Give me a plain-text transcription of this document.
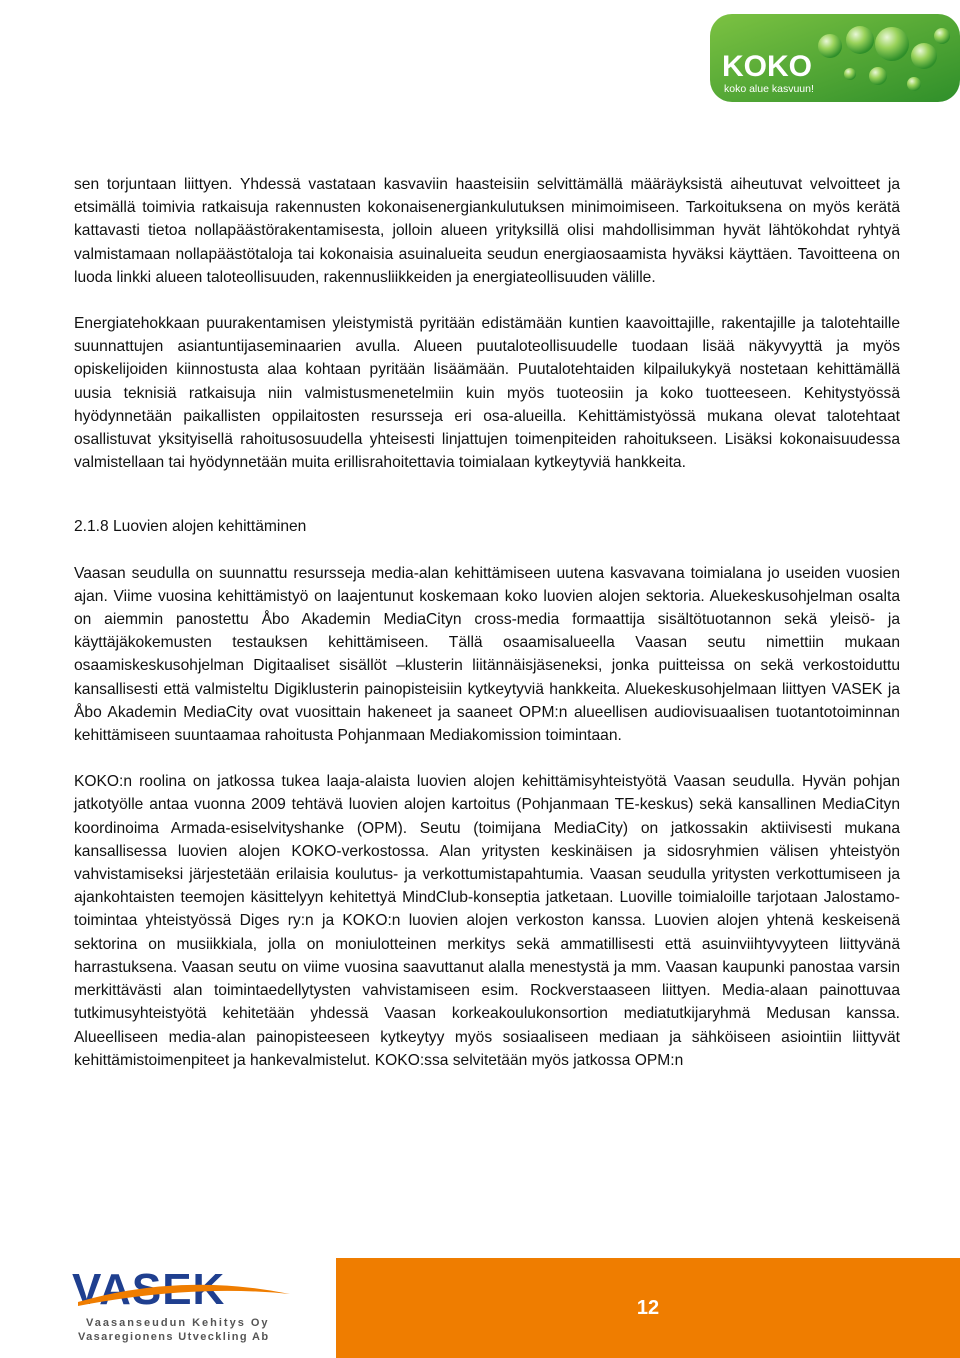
KOKO
koko alue kasvuun!

sen torjuntaan liittyen. Yhdessä vastataan kasvaviin haasteisiin selvittämällä määräyksistä aiheutuvat velvoitteet ja etsimällä toimivia ratkaisuja rakennusten kokonaisenergiankulutuksen minimoimiseen. Tarkoituksena on myös kerätä kattavasti tietoa nollapäästörakentamisesta, jolloin alueen yrityksillä olisi mahdollisimman hyvät lähtökohdat ryhtyä valmistamaan nollapäästötaloja tai kokonaisia asuinalueita seudun energiaosaamista hyväksi käyttäen. Tavoitteena on luoda linkki alueen taloteollisuuden, rakennusliikkeiden ja energiateollisuuden välille.

Energiatehokkaan puurakentamisen yleistymistä pyritään edistämään kuntien kaavoittajille, rakentajille ja talotehtaille suunnattujen asiantuntijaseminaarien avulla. Alueen puutaloteollisuudelle tuodaan lisää näkyvyyttä ja myös opiskelijoiden kiinnostusta alaa kohtaan pyritään lisäämään. Puutalotehtaiden kilpailukykyä nostetaan kehittämällä uusia teknisiä ratkaisuja niin valmistusmenetelmiin kuin myös tuoteosiin ja koko tuotteeseen. Kehitystyössä hyödynnetään paikallisten oppilaitosten resursseja eri osa-alueilla. Kehittämistyössä mukana olevat talotehtaat osallistuvat yksityisellä rahoitusosuudella yhteisesti linjattujen toimenpiteiden rahoitukseen. Lisäksi kokonaisuudessa valmistellaan tai hyödynnetään muita erillisrahoitettavia toimialaan kytkeytyviä hankkeita.

2.1.8 Luovien alojen kehittäminen

Vaasan seudulla on suunnattu resursseja media-alan kehittämiseen uutena kasvavana toimialana jo useiden vuosien ajan. Viime vuosina kehittämistyö on laajentunut koskemaan koko luovien alojen sektoria. Aluekeskusohjelman osalta on aiemmin panostettu Åbo Akademin MediaCityn cross-media formaattija sisältötuotannon sekä yleisö- ja käyttäjäkokemusten testauksen kehittämiseen. Tällä osaamisalueella Vaasan seutu nimettiin mukaan osaamiskeskusohjelman Digitaaliset sisällöt –klusterin liitännäisjäseneksi, jonka puitteissa on sekä verkostoiduttu kansallisesti että valmisteltu Digiklusterin painopisteisiin kytkeytyviä hankkeita. Aluekeskusohjelmaan liittyen VASEK ja Åbo Akademin MediaCity ovat vuosittain hakeneet ja saaneet OPM:n alueellisen audiovisuaalisen tuotantotoiminnan kehittämiseen suuntaamaa rahoitusta Pohjanmaan Mediakomission toimintaan.

KOKO:n roolina on jatkossa tukea laaja-alaista luovien alojen kehittämisyhteistyötä Vaasan seudulla. Hyvän pohjan jatkotyölle antaa vuonna 2009 tehtävä luovien alojen kartoitus (Pohjanmaan TE-keskus) sekä kansallinen MediaCityn koordinoima Armada-esiselvityshanke (OPM). Seutu (toimijana MediaCity) on jatkossakin aktiivisesti mukana kansallisessa luovien alojen KOKO-verkostossa. Alan yritysten keskinäisen ja sidosryhmien välisen yhteistyön vahvistamiseksi järjestetään erilaisia koulutus- ja verkottumistapahtumia. Vaasan seudulla yritysten verkottumiseen ja ajankohtaisten teemojen käsittelyyn kehitettyä MindClub-konseptia jatketaan. Luoville toimialoille tarjotaan Jalostamo-toimintaa yhteistyössä Diges ry:n ja KOKO:n luovien alojen verkoston kanssa. Luovien alojen yhtenä keskeisenä sektorina on musiikkiala, jolla on moniulotteinen merkitys sekä ammatillisesti että asuinviihtyvyyteen liittyvänä harrastuksena. Vaasan seutu on viime vuosina saavuttanut alalla menestystä ja mm. Vaasan kaupunki panostaa varsin merkittävästi alan toimintaedellytysten vahvistamiseen esim. Rockverstaaseen liittyen. Media-alaan painottuvaa tutkimusyhteistyötä kehitetään yhdessä Vaasan korkeakoulukonsortion mediatutkijaryhmä Medusan kanssa. Alueelliseen media-alan painopisteeseen kytkeytyy myös sosiaaliseen mediaan ja sähköiseen asiointiin liittyvät kehittämistoimenpiteet ja hankevalmistelut. KOKO:ssa selvitetään myös jatkossa OPM:n

VASEK
Vaasanseudun Kehitys Oy
Vasaregionens Utveckling Ab
12
